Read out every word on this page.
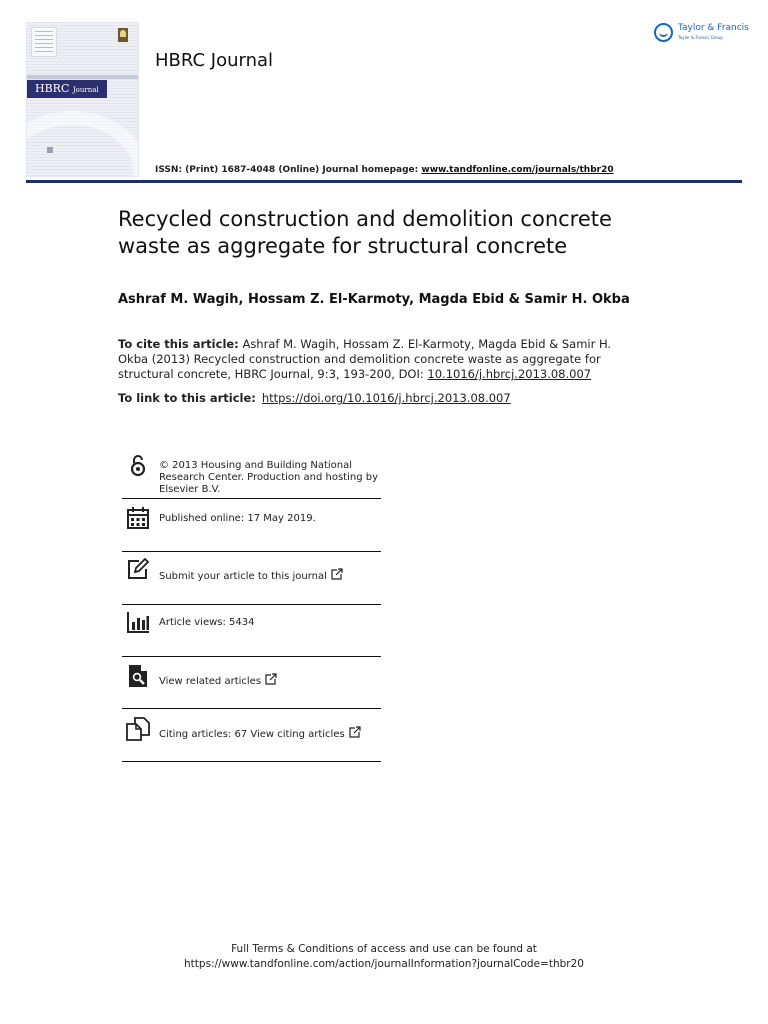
HBRC Journal
HBRC Journal
Taylor & Francis
Taylor & Francis Group
ISSN: (Print) 1687-4048 (Online) Journal homepage: www.tandfonline.com/journals/thbr20
Recycled construction and demolition concrete waste as aggregate for structural concrete
Ashraf M. Wagih, Hossam Z. El-Karmoty, Magda Ebid & Samir H. Okba
To cite this article: Ashraf M. Wagih, Hossam Z. El-Karmoty, Magda Ebid & Samir H. Okba (2013) Recycled construction and demolition concrete waste as aggregate for structural concrete, HBRC Journal, 9:3, 193-200, DOI: 10.1016/j.hbrcj.2013.08.007
To link to this article: https://doi.org/10.1016/j.hbrcj.2013.08.007
© 2013 Housing and Building National Research Center. Production and hosting by Elsevier B.V.
Published online: 17 May 2019.
Submit your article to this journal
Article views: 5434
View related articles
Citing articles: 67 View citing articles
Full Terms & Conditions of access and use can be found at
https://www.tandfonline.com/action/journalInformation?journalCode=thbr20
